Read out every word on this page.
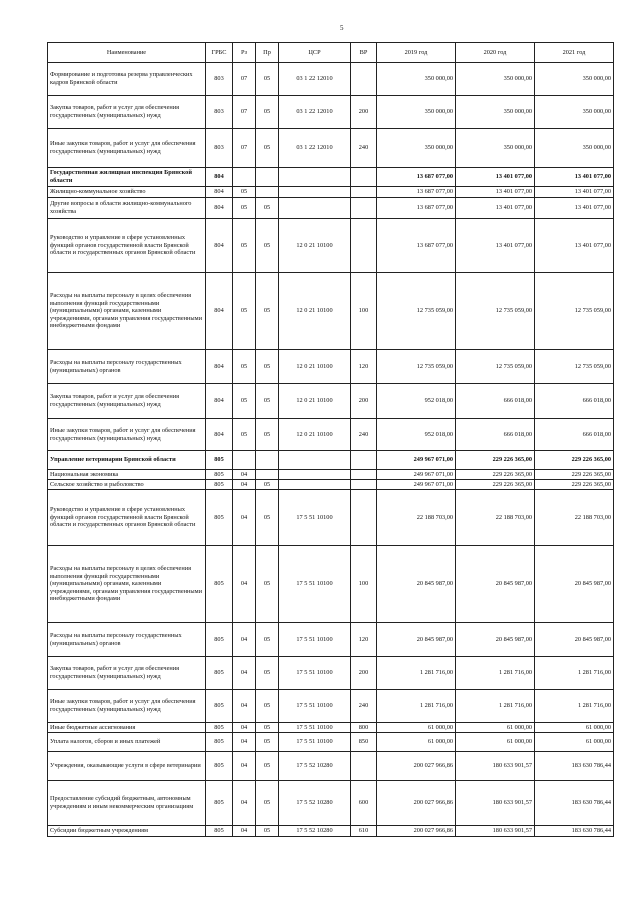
5
Наименование	ГРБС	Рз	Пр	ЦСР	ВР	2019 год	2020 год	2021 год
Формирование и подготовка резерва управленческих кадров Брянской области	803	07	05	03 1 22 12010		350 000,00	350 000,00	350 000,00
Закупка товаров, работ и услуг для обеспечения государственных (муниципальных) нужд	803	07	05	03 1 22 12010	200	350 000,00	350 000,00	350 000,00
Иные закупки товаров, работ и услуг для обеспечения государственных (муниципальных) нужд	803	07	05	03 1 22 12010	240	350 000,00	350 000,00	350 000,00
Государственная жилищная инспекция Брянской области	804					13 687 077,00	13 401 077,00	13 401 077,00
Жилищно-коммунальное хозяйство	804	05				13 687 077,00	13 401 077,00	13 401 077,00
Другие вопросы в области жилищно-коммунального хозяйства	804	05	05			13 687 077,00	13 401 077,00	13 401 077,00
Руководство и управление в сфере установленных функций органов государственной власти Брянской области и государственных органов Брянской области	804	05	05	12 0 21 10100		13 687 077,00	13 401 077,00	13 401 077,00
Расходы на выплаты персоналу в целях обеспечения выполнения функций государственными (муниципальными) органами, казенными учреждениями, органами управления государственными внебюджетными фондами	804	05	05	12 0 21 10100	100	12 735 059,00	12 735 059,00	12 735 059,00
Расходы на выплаты персоналу государственных (муниципальных) органов	804	05	05	12 0 21 10100	120	12 735 059,00	12 735 059,00	12 735 059,00
Закупка товаров, работ и услуг для обеспечения государственных (муниципальных) нужд	804	05	05	12 0 21 10100	200	952 018,00	666 018,00	666 018,00
Иные закупки товаров, работ и услуг для обеспечения государственных (муниципальных) нужд	804	05	05	12 0 21 10100	240	952 018,00	666 018,00	666 018,00
Управление ветеринарии Брянской области	805					249 967 071,00	229 226 365,00	229 226 365,00
Национальная экономика	805	04				249 967 071,00	229 226 365,00	229 226 365,00
Сельское хозяйство и рыболовство	805	04	05			249 967 071,00	229 226 365,00	229 226 365,00
Руководство и управление в сфере установленных функций органов государственной власти Брянской области и государственных органов Брянской области	805	04	05	17 5 51 10100		22 188 703,00	22 188 703,00	22 188 703,00
Расходы на выплаты персоналу в целях обеспечения выполнения функций государственными (муниципальными) органами, казенными учреждениями, органами управления государственными внебюджетными фондами	805	04	05	17 5 51 10100	100	20 845 987,00	20 845 987,00	20 845 987,00
Расходы на выплаты персоналу государственных (муниципальных) органов	805	04	05	17 5 51 10100	120	20 845 987,00	20 845 987,00	20 845 987,00
Закупка товаров, работ и услуг для обеспечения государственных (муниципальных) нужд	805	04	05	17 5 51 10100	200	1 281 716,00	1 281 716,00	1 281 716,00
Иные закупки товаров, работ и услуг для обеспечения государственных (муниципальных) нужд	805	04	05	17 5 51 10100	240	1 281 716,00	1 281 716,00	1 281 716,00
Иные бюджетные ассигнования	805	04	05	17 5 51 10100	800	61 000,00	61 000,00	61 000,00
Уплата налогов, сборов и иных платежей	805	04	05	17 5 51 10100	850	61 000,00	61 000,00	61 000,00
Учреждения, оказывающие услуги в сфере ветеринарии	805	04	05	17 5 52 10280		200 027 966,86	180 633 901,57	183 630 786,44
Предоставление субсидий бюджетным, автономным учреждениям и иным некоммерческим организациям	805	04	05	17 5 52 10280	600	200 027 966,86	180 633 901,57	183 630 786,44
Субсидии бюджетным учреждениям	805	04	05	17 5 52 10280	610	200 027 966,86	180 633 901,57	183 630 786,44
